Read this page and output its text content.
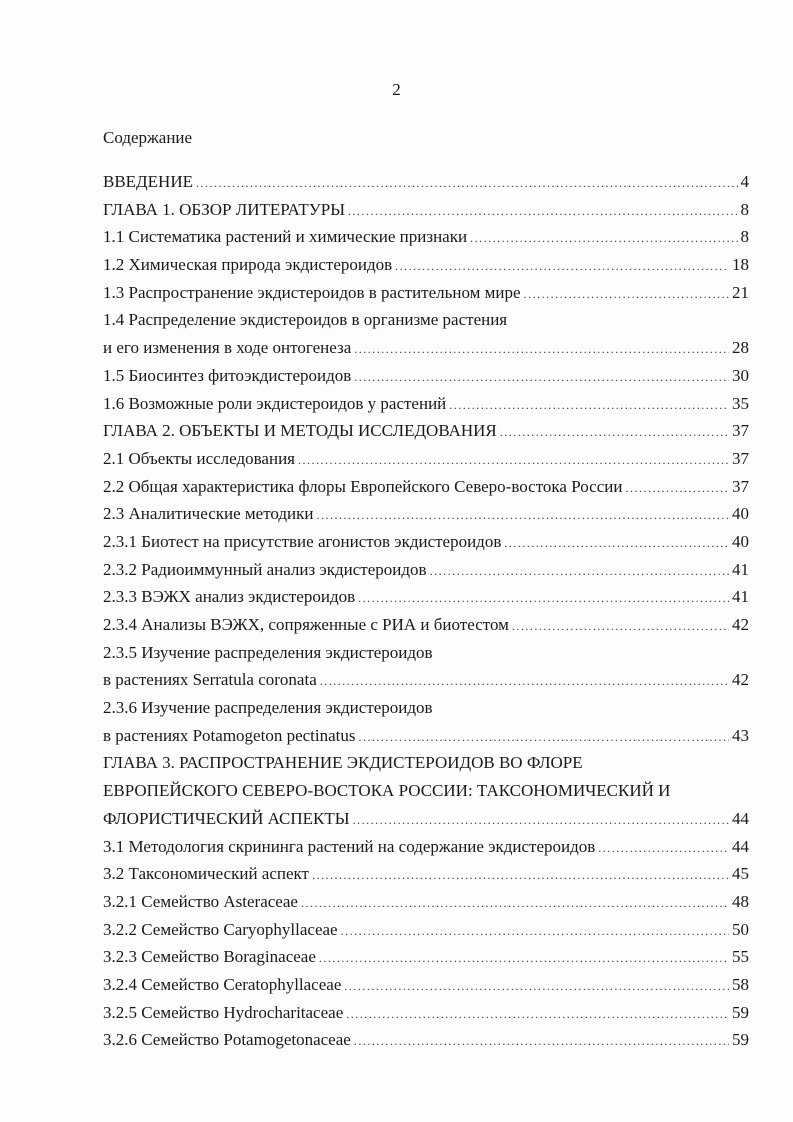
2
Содержание
ВВЕДЕНИЕ .....	4
ГЛАВА 1. ОБЗОР ЛИТЕРАТУРЫ .....	8
1.1 Систематика растений и химические признаки .....	8
1.2 Химическая природа экдистероидов .....	18
1.3 Распространение экдистероидов в растительном мире .....	21
1.4 Распределение экдистероидов в организме растения
и его изменения в ходе онтогенеза .....	28
1.5 Биосинтез фитоэкдистероидов .....	30
1.6 Возможные роли экдистероидов у растений .....	35
ГЛАВА 2. ОБЪЕКТЫ И МЕТОДЫ ИССЛЕДОВАНИЯ .....	37
2.1 Объекты исследования .....	37
2.2 Общая характеристика флоры Европейского Северо-востока России .....	37
2.3 Аналитические методики .....	40
2.3.1 Биотест на присутствие агонистов экдистероидов .....	40
2.3.2 Радиоиммунный анализ экдистероидов .....	41
2.3.3 ВЭЖХ анализ экдистероидов .....	41
2.3.4 Анализы ВЭЖХ, сопряженные с РИА и биотестом .....	42
2.3.5 Изучение распределения экдистероидов
в растениях Serratula coronata .....	42
2.3.6 Изучение распределения экдистероидов
в растениях Potamogeton pectinatus .....	43
ГЛАВА 3. РАСПРОСТРАНЕНИЕ ЭКДИСТЕРОИДОВ ВО ФЛОРЕ
ЕВРОПЕЙСКОГО СЕВЕРО-ВОСТОКА РОССИИ: ТАКСОНОМИЧЕСКИЙ И
ФЛОРИСТИЧЕСКИЙ АСПЕКТЫ .....	44
3.1 Методология скрининга растений на содержание экдистероидов .....	44
3.2 Таксономический аспект .....	45
3.2.1 Семейство Asteraceae .....	48
3.2.2 Семейство Caryophyllaceae .....	50
3.2.3 Семейство Boraginaceae .....	55
3.2.4 Семейство Ceratophyllaceae .....	58
3.2.5 Семейство Hydrocharitaceae .....	59
3.2.6 Семейство Potamogetonaceae .....	59
